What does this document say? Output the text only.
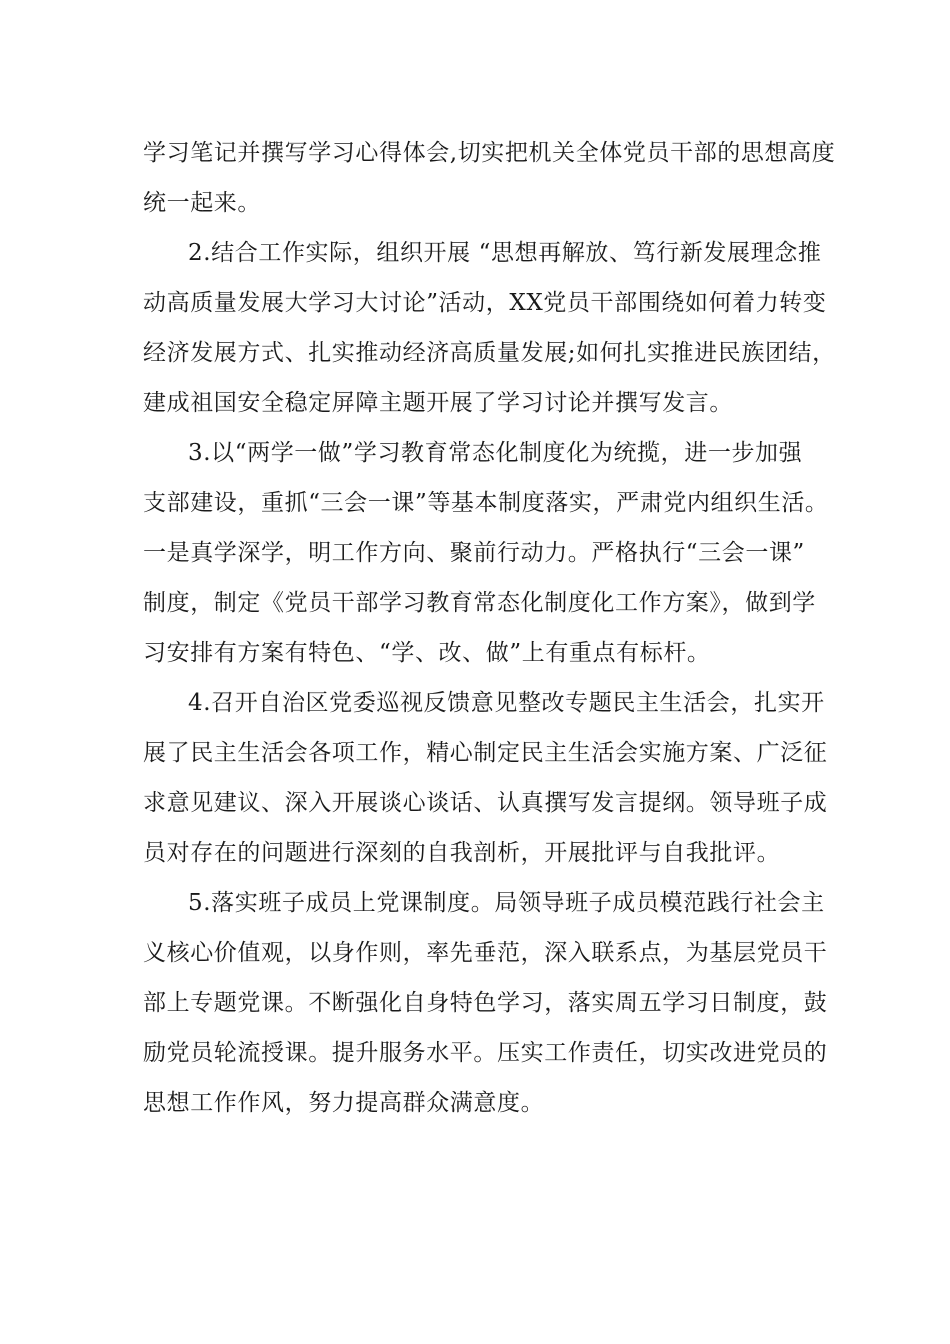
学习笔记并撰写学习心得体会,切实把机关全体党员干部的思想高度
统一起来。
2.结合工作实际，组织开展 “思想再解放、笃行新发展理念推
动高质量发展大学习大讨论”活动，XX党员干部围绕如何着力转变
经济发展方式、扎实推动经济高质量发展;如何扎实推进民族团结，
建成祖国安全稳定屏障主题开展了学习讨论并撰写发言。
3.以“两学一做”学习教育常态化制度化为统揽，进一步加强
支部建设，重抓“三会一课”等基本制度落实，严肃党内组织生活。
一是真学深学，明工作方向、聚前行动力。严格执行“三会一课”
制度，制定《党员干部学习教育常态化制度化工作方案》，做到学
习安排有方案有特色、“学、改、做”上有重点有标杆。
4.召开自治区党委巡视反馈意见整改专题民主生活会，扎实开
展了民主生活会各项工作，精心制定民主生活会实施方案、广泛征
求意见建议、深入开展谈心谈话、认真撰写发言提纲。领导班子成
员对存在的问题进行深刻的自我剖析，开展批评与自我批评。
5.落实班子成员上党课制度。局领导班子成员模范践行社会主
义核心价值观，以身作则，率先垂范，深入联系点，为基层党员干
部上专题党课。不断强化自身特色学习，落实周五学习日制度，鼓
励党员轮流授课。提升服务水平。压实工作责任，切实改进党员的
思想工作作风，努力提高群众满意度。
